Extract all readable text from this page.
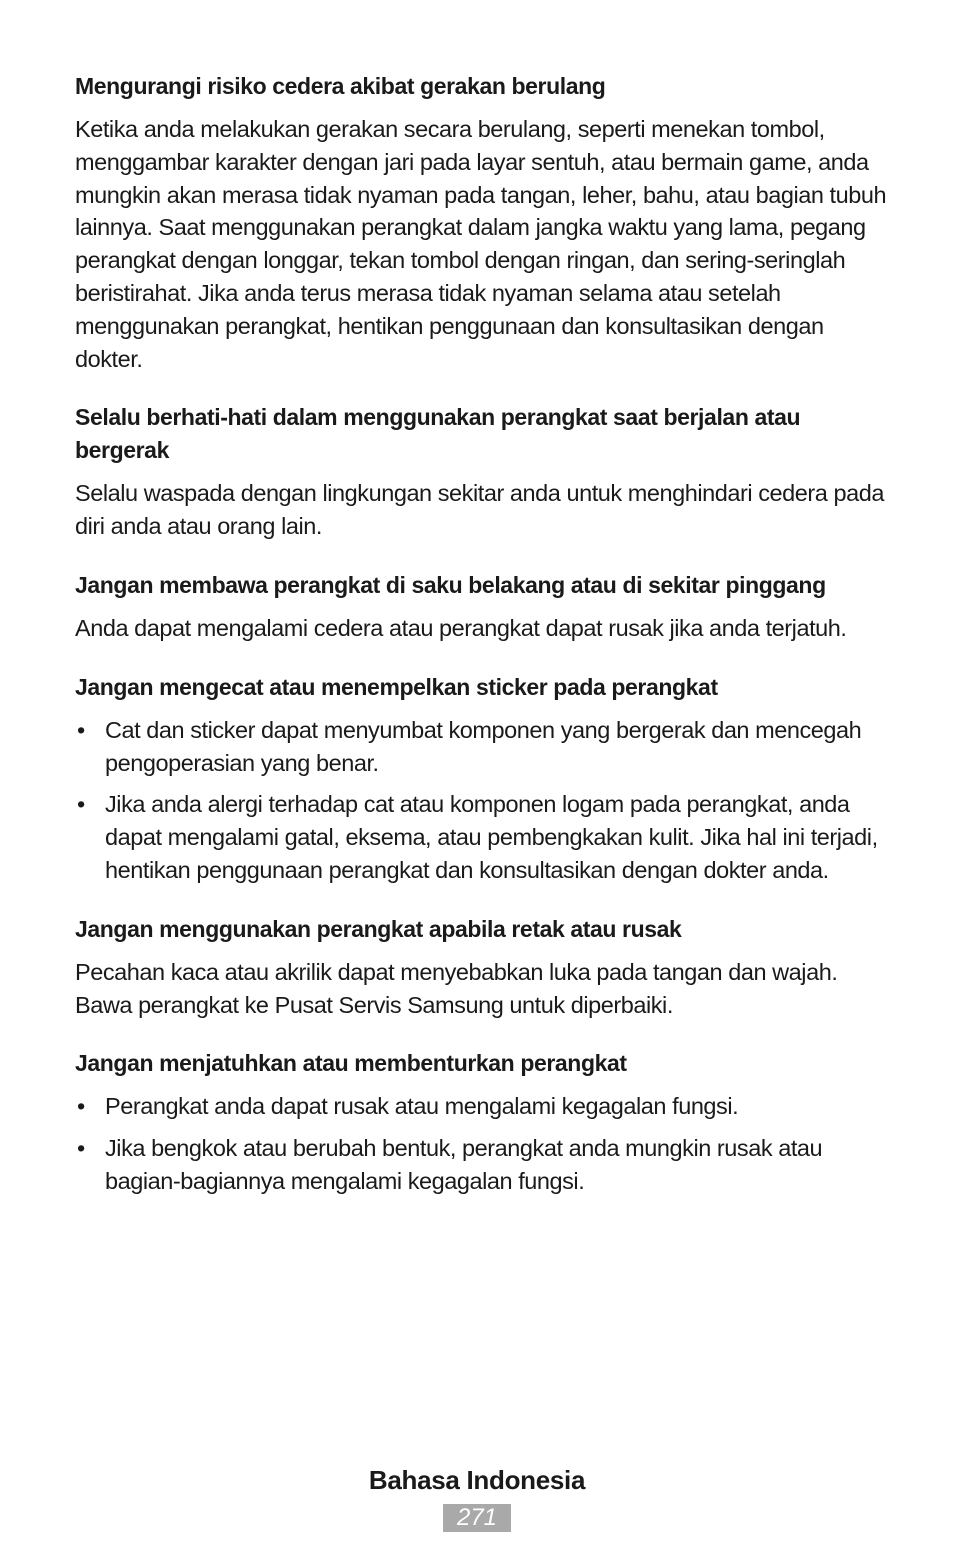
Mengurangi risiko cedera akibat gerakan berulang

Ketika anda melakukan gerakan secara berulang, seperti menekan tombol, menggambar karakter dengan jari pada layar sentuh, atau bermain game, anda mungkin akan merasa tidak nyaman pada tangan, leher, bahu, atau bagian tubuh lainnya. Saat menggunakan perangkat dalam jangka waktu yang lama, pegang perangkat dengan longgar, tekan tombol dengan ringan, dan sering-seringlah beristirahat. Jika anda terus merasa tidak nyaman selama atau setelah menggunakan perangkat, hentikan penggunaan dan konsultasikan dengan dokter.

Selalu berhati-hati dalam menggunakan perangkat saat berjalan atau bergerak

Selalu waspada dengan lingkungan sekitar anda untuk menghindari cedera pada diri anda atau orang lain.

Jangan membawa perangkat di saku belakang atau di sekitar pinggang

Anda dapat mengalami cedera atau perangkat dapat rusak jika anda terjatuh.

Jangan mengecat atau menempelkan sticker pada perangkat
• Cat dan sticker dapat menyumbat komponen yang bergerak dan mencegah pengoperasian yang benar.
• Jika anda alergi terhadap cat atau komponen logam pada perangkat, anda dapat mengalami gatal, eksema, atau pembengkakan kulit. Jika hal ini terjadi, hentikan penggunaan perangkat dan konsultasikan dengan dokter anda.
Jangan menggunakan perangkat apabila retak atau rusak

Pecahan kaca atau akrilik dapat menyebabkan luka pada tangan dan wajah. Bawa perangkat ke Pusat Servis Samsung untuk diperbaiki.

Jangan menjatuhkan atau membenturkan perangkat
• Perangkat anda dapat rusak atau mengalami kegagalan fungsi.
• Jika bengkok atau berubah bentuk, perangkat anda mungkin rusak atau bagian-bagiannya mengalami kegagalan fungsi.
Bahasa Indonesia
271
